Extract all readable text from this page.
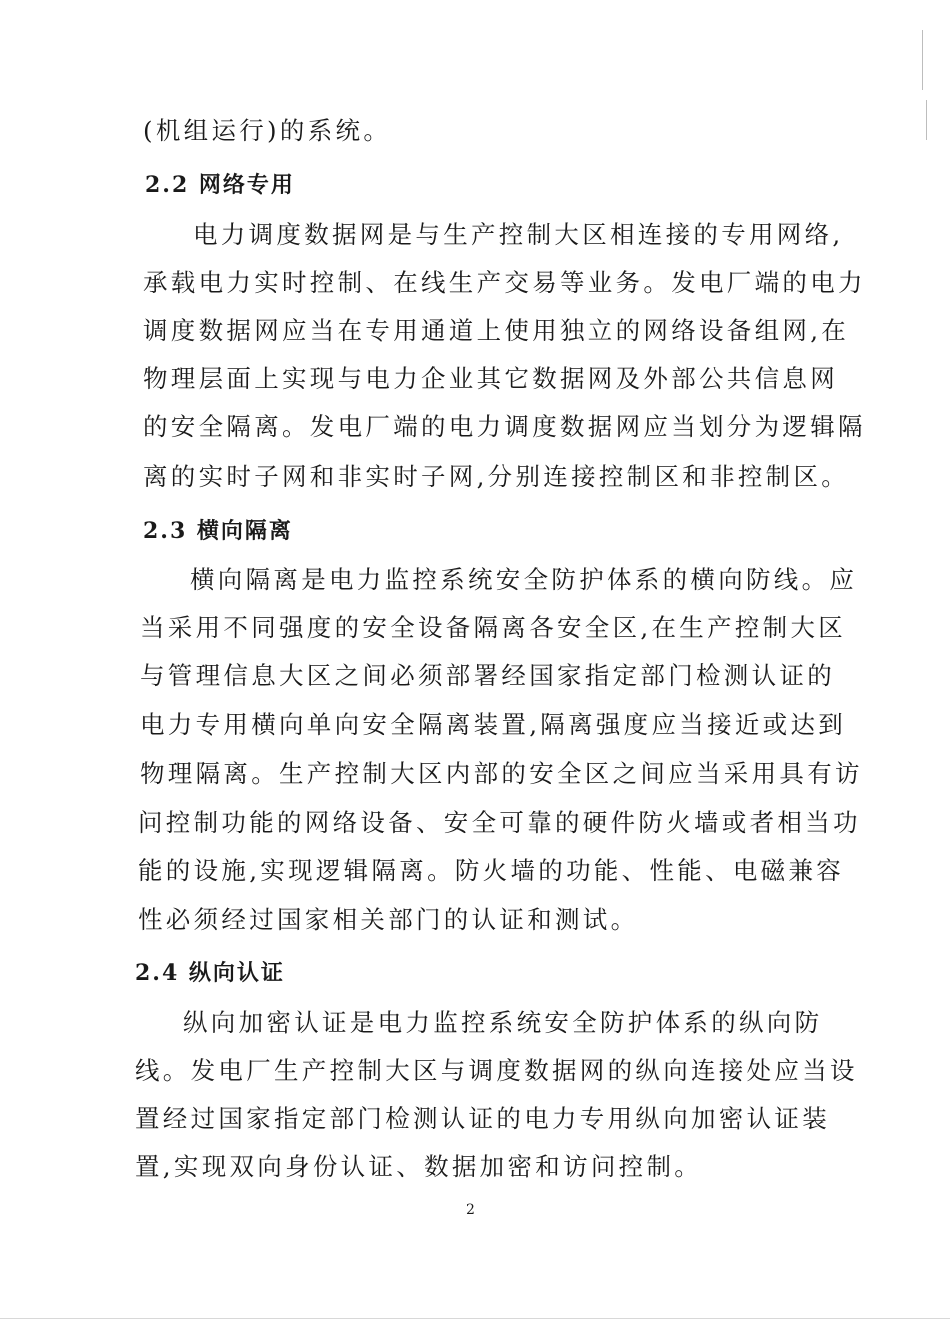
(机组运行)的系统。
2.2 网络专用
电力调度数据网是与生产控制大区相连接的专用网络,
承载电力实时控制、在线生产交易等业务。发电厂端的电力
调度数据网应当在专用通道上使用独立的网络设备组网,在
物理层面上实现与电力企业其它数据网及外部公共信息网
的安全隔离。发电厂端的电力调度数据网应当划分为逻辑隔
离的实时子网和非实时子网,分别连接控制区和非控制区。
2.3 横向隔离
横向隔离是电力监控系统安全防护体系的横向防线。应
当采用不同强度的安全设备隔离各安全区,在生产控制大区
与管理信息大区之间必须部署经国家指定部门检测认证的
电力专用横向单向安全隔离装置,隔离强度应当接近或达到
物理隔离。生产控制大区内部的安全区之间应当采用具有访
问控制功能的网络设备、安全可靠的硬件防火墙或者相当功
能的设施,实现逻辑隔离。防火墙的功能、性能、电磁兼容
性必须经过国家相关部门的认证和测试。
2.4 纵向认证
纵向加密认证是电力监控系统安全防护体系的纵向防
线。发电厂生产控制大区与调度数据网的纵向连接处应当设
置经过国家指定部门检测认证的电力专用纵向加密认证装
置,实现双向身份认证、数据加密和访问控制。
2
